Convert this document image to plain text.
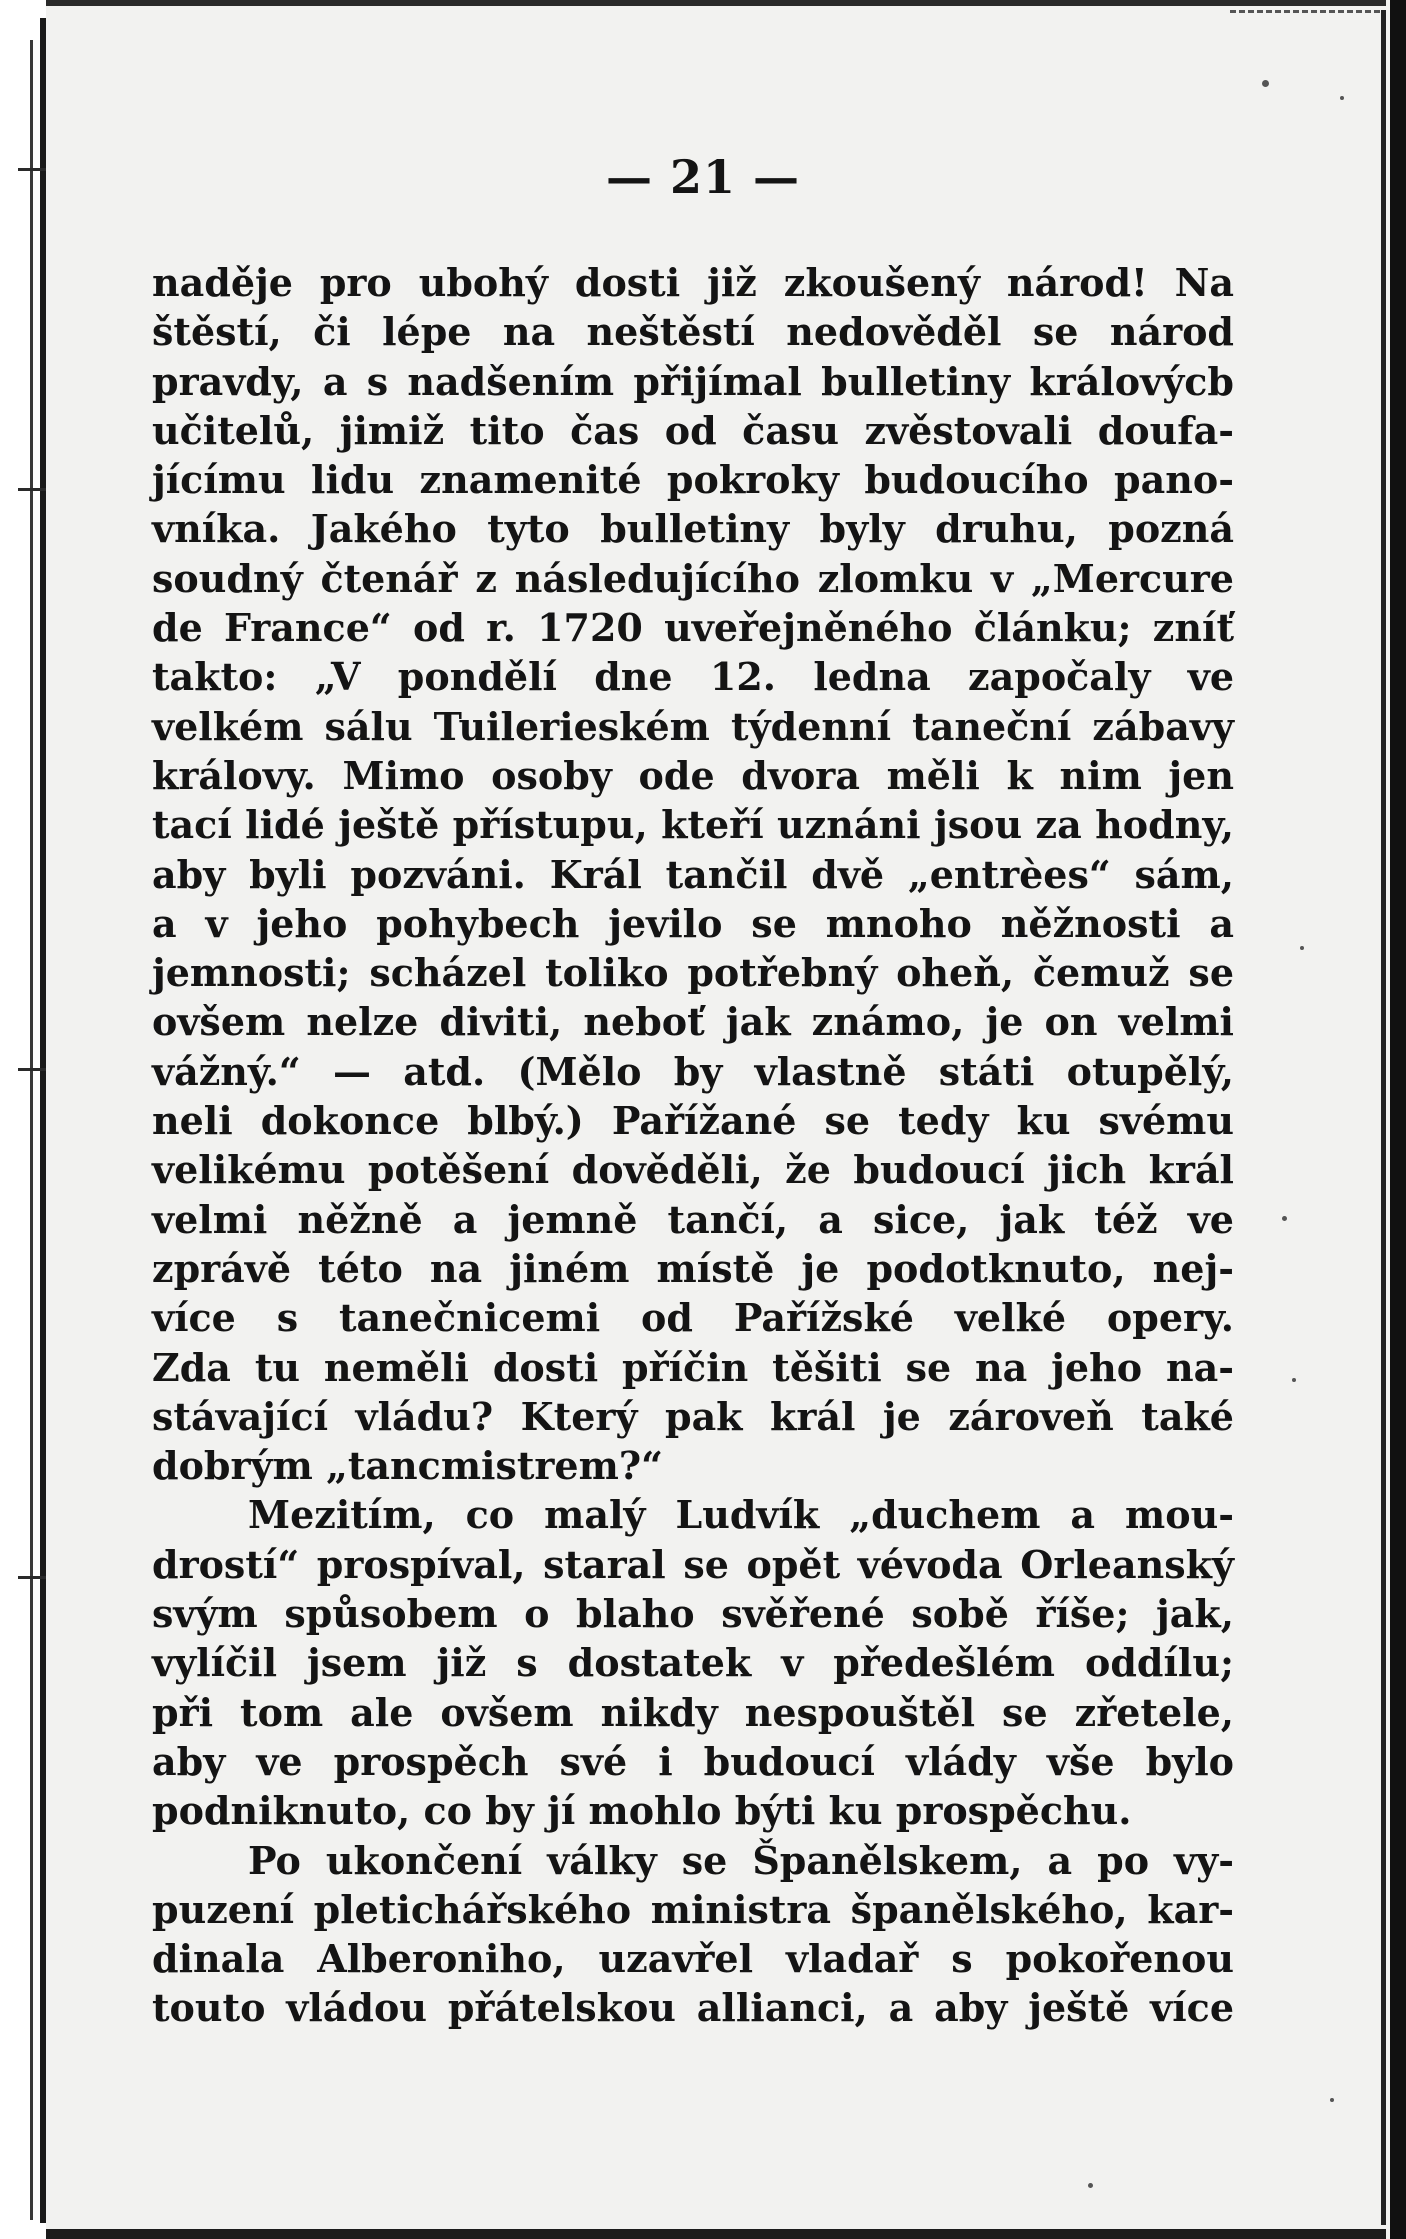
— 21 —
naděje pro ubohý dosti již zkoušený národ! Na
štěstí, či lépe na neštěstí nedověděl se národ
pravdy, a s nadšením přijímal bulletiny královýcb
učitelů, jimiž tito čas od času zvěstovali doufa-
jícímu lidu znamenité pokroky budoucího pano-
vníka. Jakého tyto bulletiny byly druhu, pozná
soudný čtenář z následujícího zlomku v „Mercure
de France“ od r. 1720 uveřejněného článku; zníť
takto: „V pondělí dne 12. ledna započaly ve
velkém sálu Tuilerieském týdenní taneční zábavy
královy. Mimo osoby ode dvora měli k nim jen
tací lidé ještě přístupu, kteří uznáni jsou za hodny,
aby byli pozváni. Král tančil dvě „entrèes“ sám,
a v jeho pohybech jevilo se mnoho něžnosti a
jemnosti; scházel toliko potřebný oheň, čemuž se
ovšem nelze diviti, neboť jak známo, je on velmi
vážný.“ — atd. (Mělo by vlastně státi otupělý,
neli dokonce blbý.) Pařížané se tedy ku svému
velikému potěšení dověděli, že budoucí jich král
velmi něžně a jemně tančí, a sice, jak též ve
zprávě této na jiném místě je podotknuto, nej-
více s tanečnicemi od Pařížské velké opery.
Zda tu neměli dosti příčin těšiti se na jeho na-
stávající vládu? Který pak král je zároveň také
dobrým „tancmistrem?“
Mezitím, co malý Ludvík „duchem a mou-
drostí“ prospíval, staral se opět vévoda Orleanský
svým spůsobem o blaho svěřené sobě říše; jak,
vylíčil jsem již s dostatek v předešlém oddílu;
při tom ale ovšem nikdy nespouštěl se zřetele,
aby ve prospěch své i budoucí vlády vše bylo
podniknuto, co by jí mohlo býti ku prospěchu.
Po ukončení války se Španělskem, a po vy-
puzení pletichářského ministra španělského, kar-
dinala Alberoniho, uzavřel vladař s pokořenou
touto vládou přátelskou allianci, a aby ještě více
